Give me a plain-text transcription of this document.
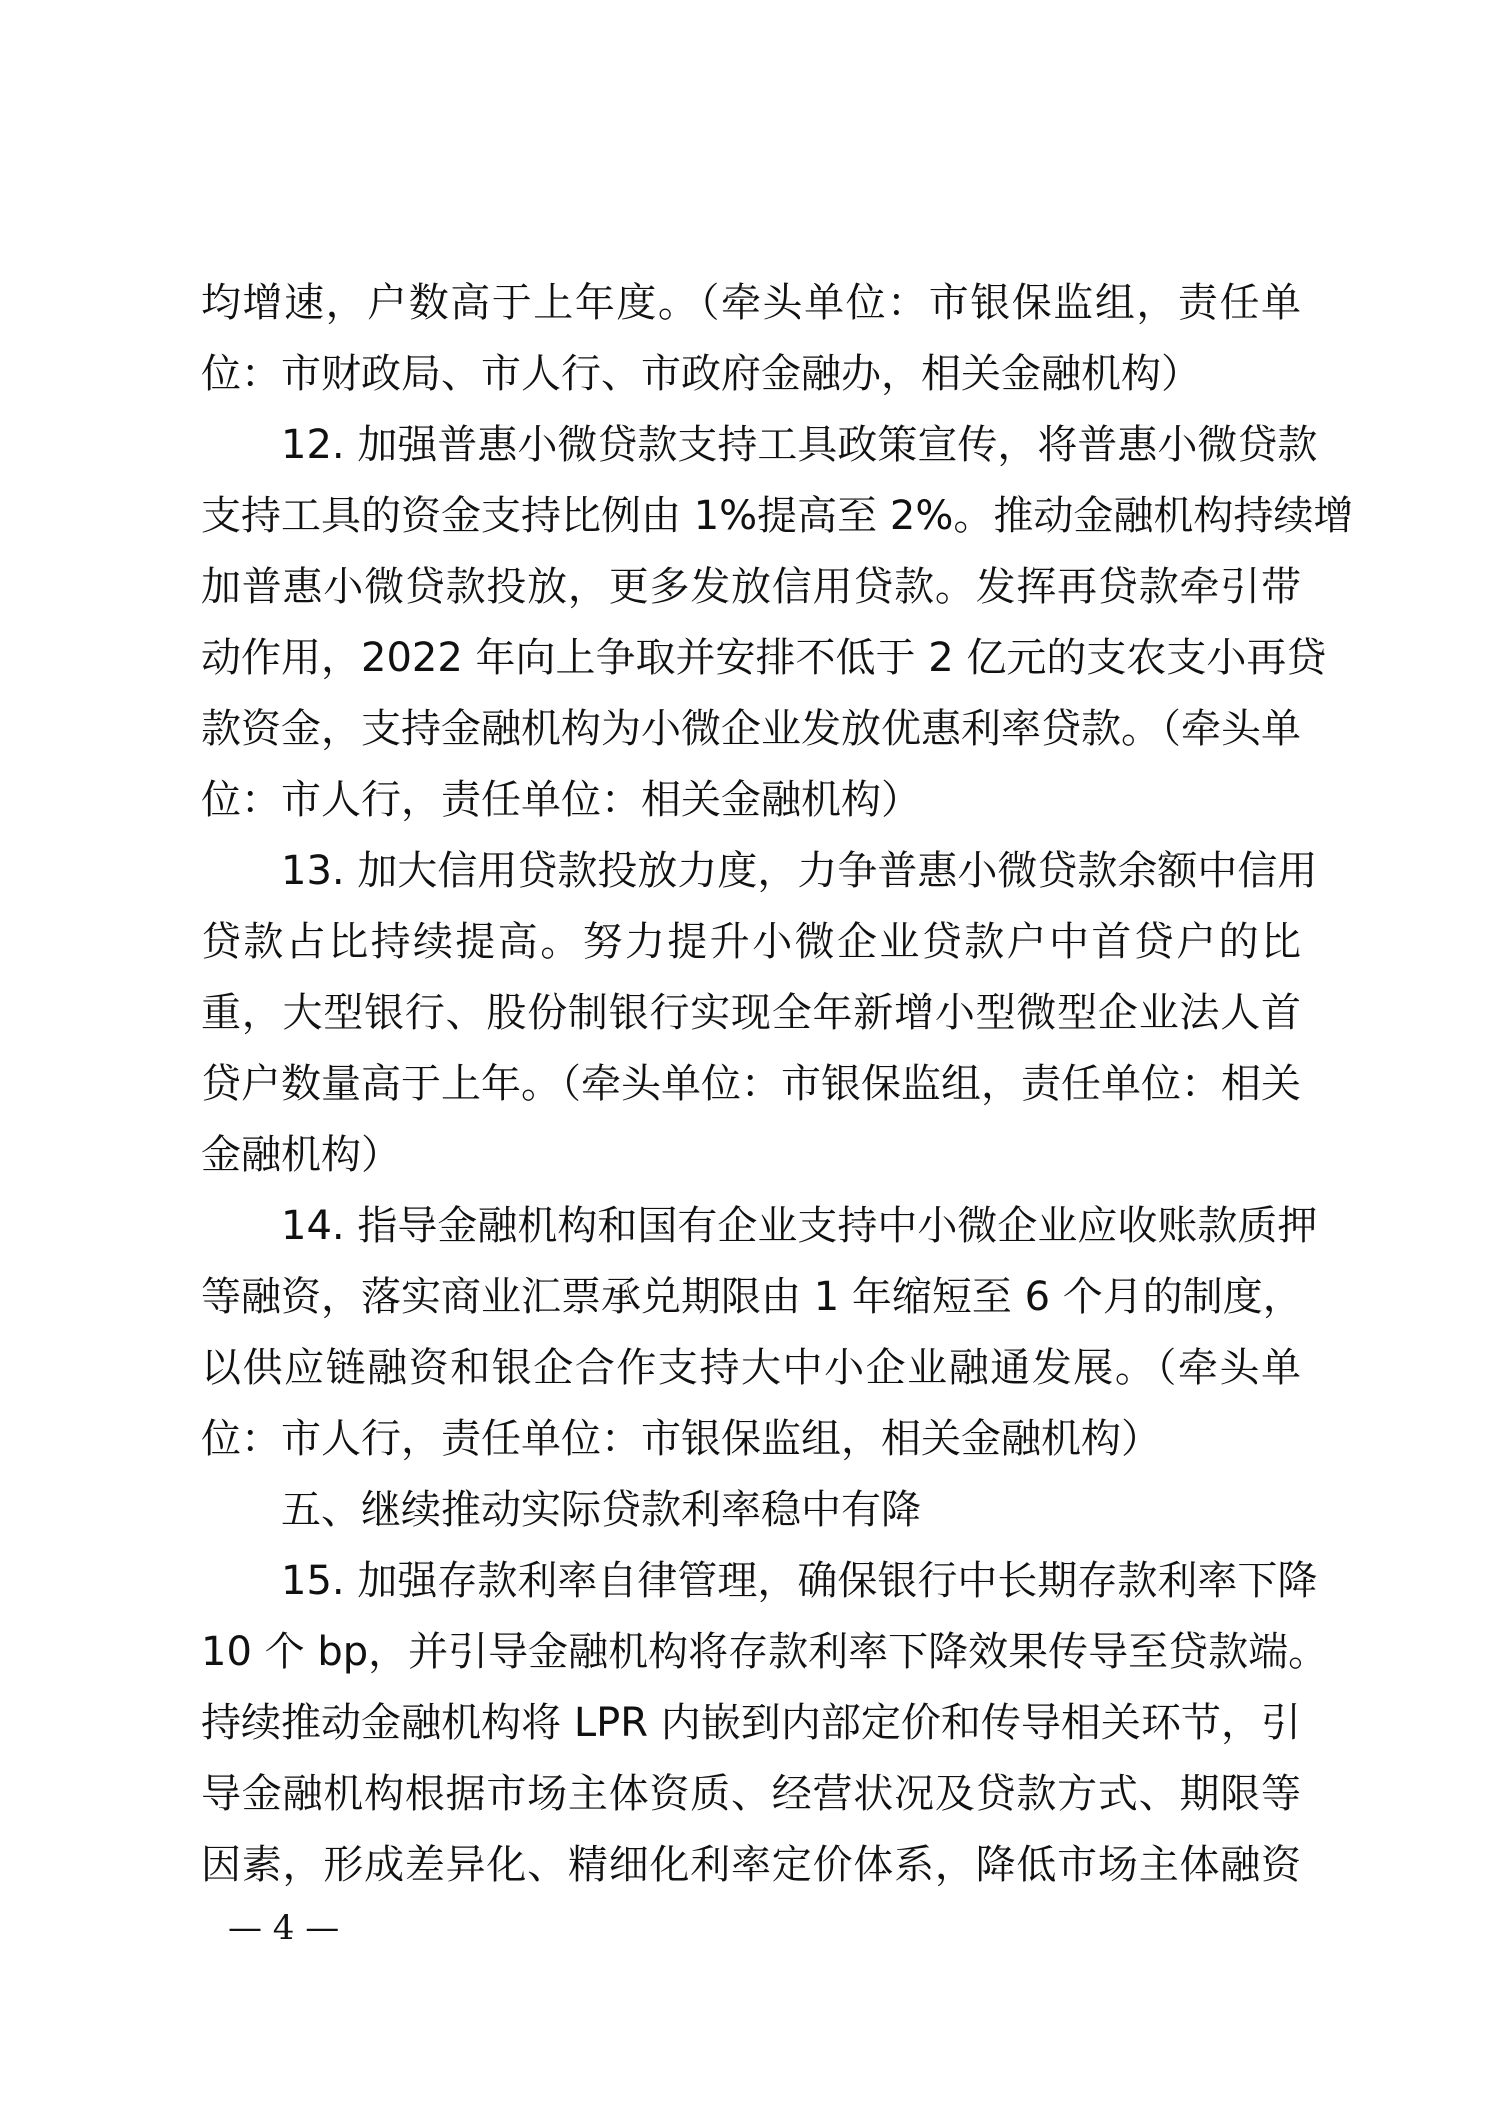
均增速，户数高于上年度。（牵头单位：市银保监组，责任单
位：市财政局、市人行、市政府金融办，相关金融机构）
12. 加强普惠小微贷款支持工具政策宣传，将普惠小微贷款
支持工具的资金支持比例由 1%提高至 2%。推动金融机构持续增
加普惠小微贷款投放，更多发放信用贷款。发挥再贷款牵引带
动作用，2022 年向上争取并安排不低于 2 亿元的支农支小再贷
款资金，支持金融机构为小微企业发放优惠利率贷款。（牵头单
位：市人行，责任单位：相关金融机构）
13. 加大信用贷款投放力度，力争普惠小微贷款余额中信用
贷款占比持续提高。努力提升小微企业贷款户中首贷户的比
重，大型银行、股份制银行实现全年新增小型微型企业法人首
贷户数量高于上年。（牵头单位：市银保监组，责任单位：相关
金融机构）
14. 指导金融机构和国有企业支持中小微企业应收账款质押
等融资，落实商业汇票承兑期限由 1 年缩短至 6 个月的制度，
以供应链融资和银企合作支持大中小企业融通发展。（牵头单
位：市人行，责任单位：市银保监组，相关金融机构）
五、继续推动实际贷款利率稳中有降
15. 加强存款利率自律管理，确保银行中长期存款利率下降
10 个 bp，并引导金融机构将存款利率下降效果传导至贷款端。
持续推动金融机构将 LPR 内嵌到内部定价和传导相关环节，引
导金融机构根据市场主体资质、经营状况及贷款方式、期限等
因素，形成差异化、精细化利率定价体系，降低市场主体融资
— 4 —
